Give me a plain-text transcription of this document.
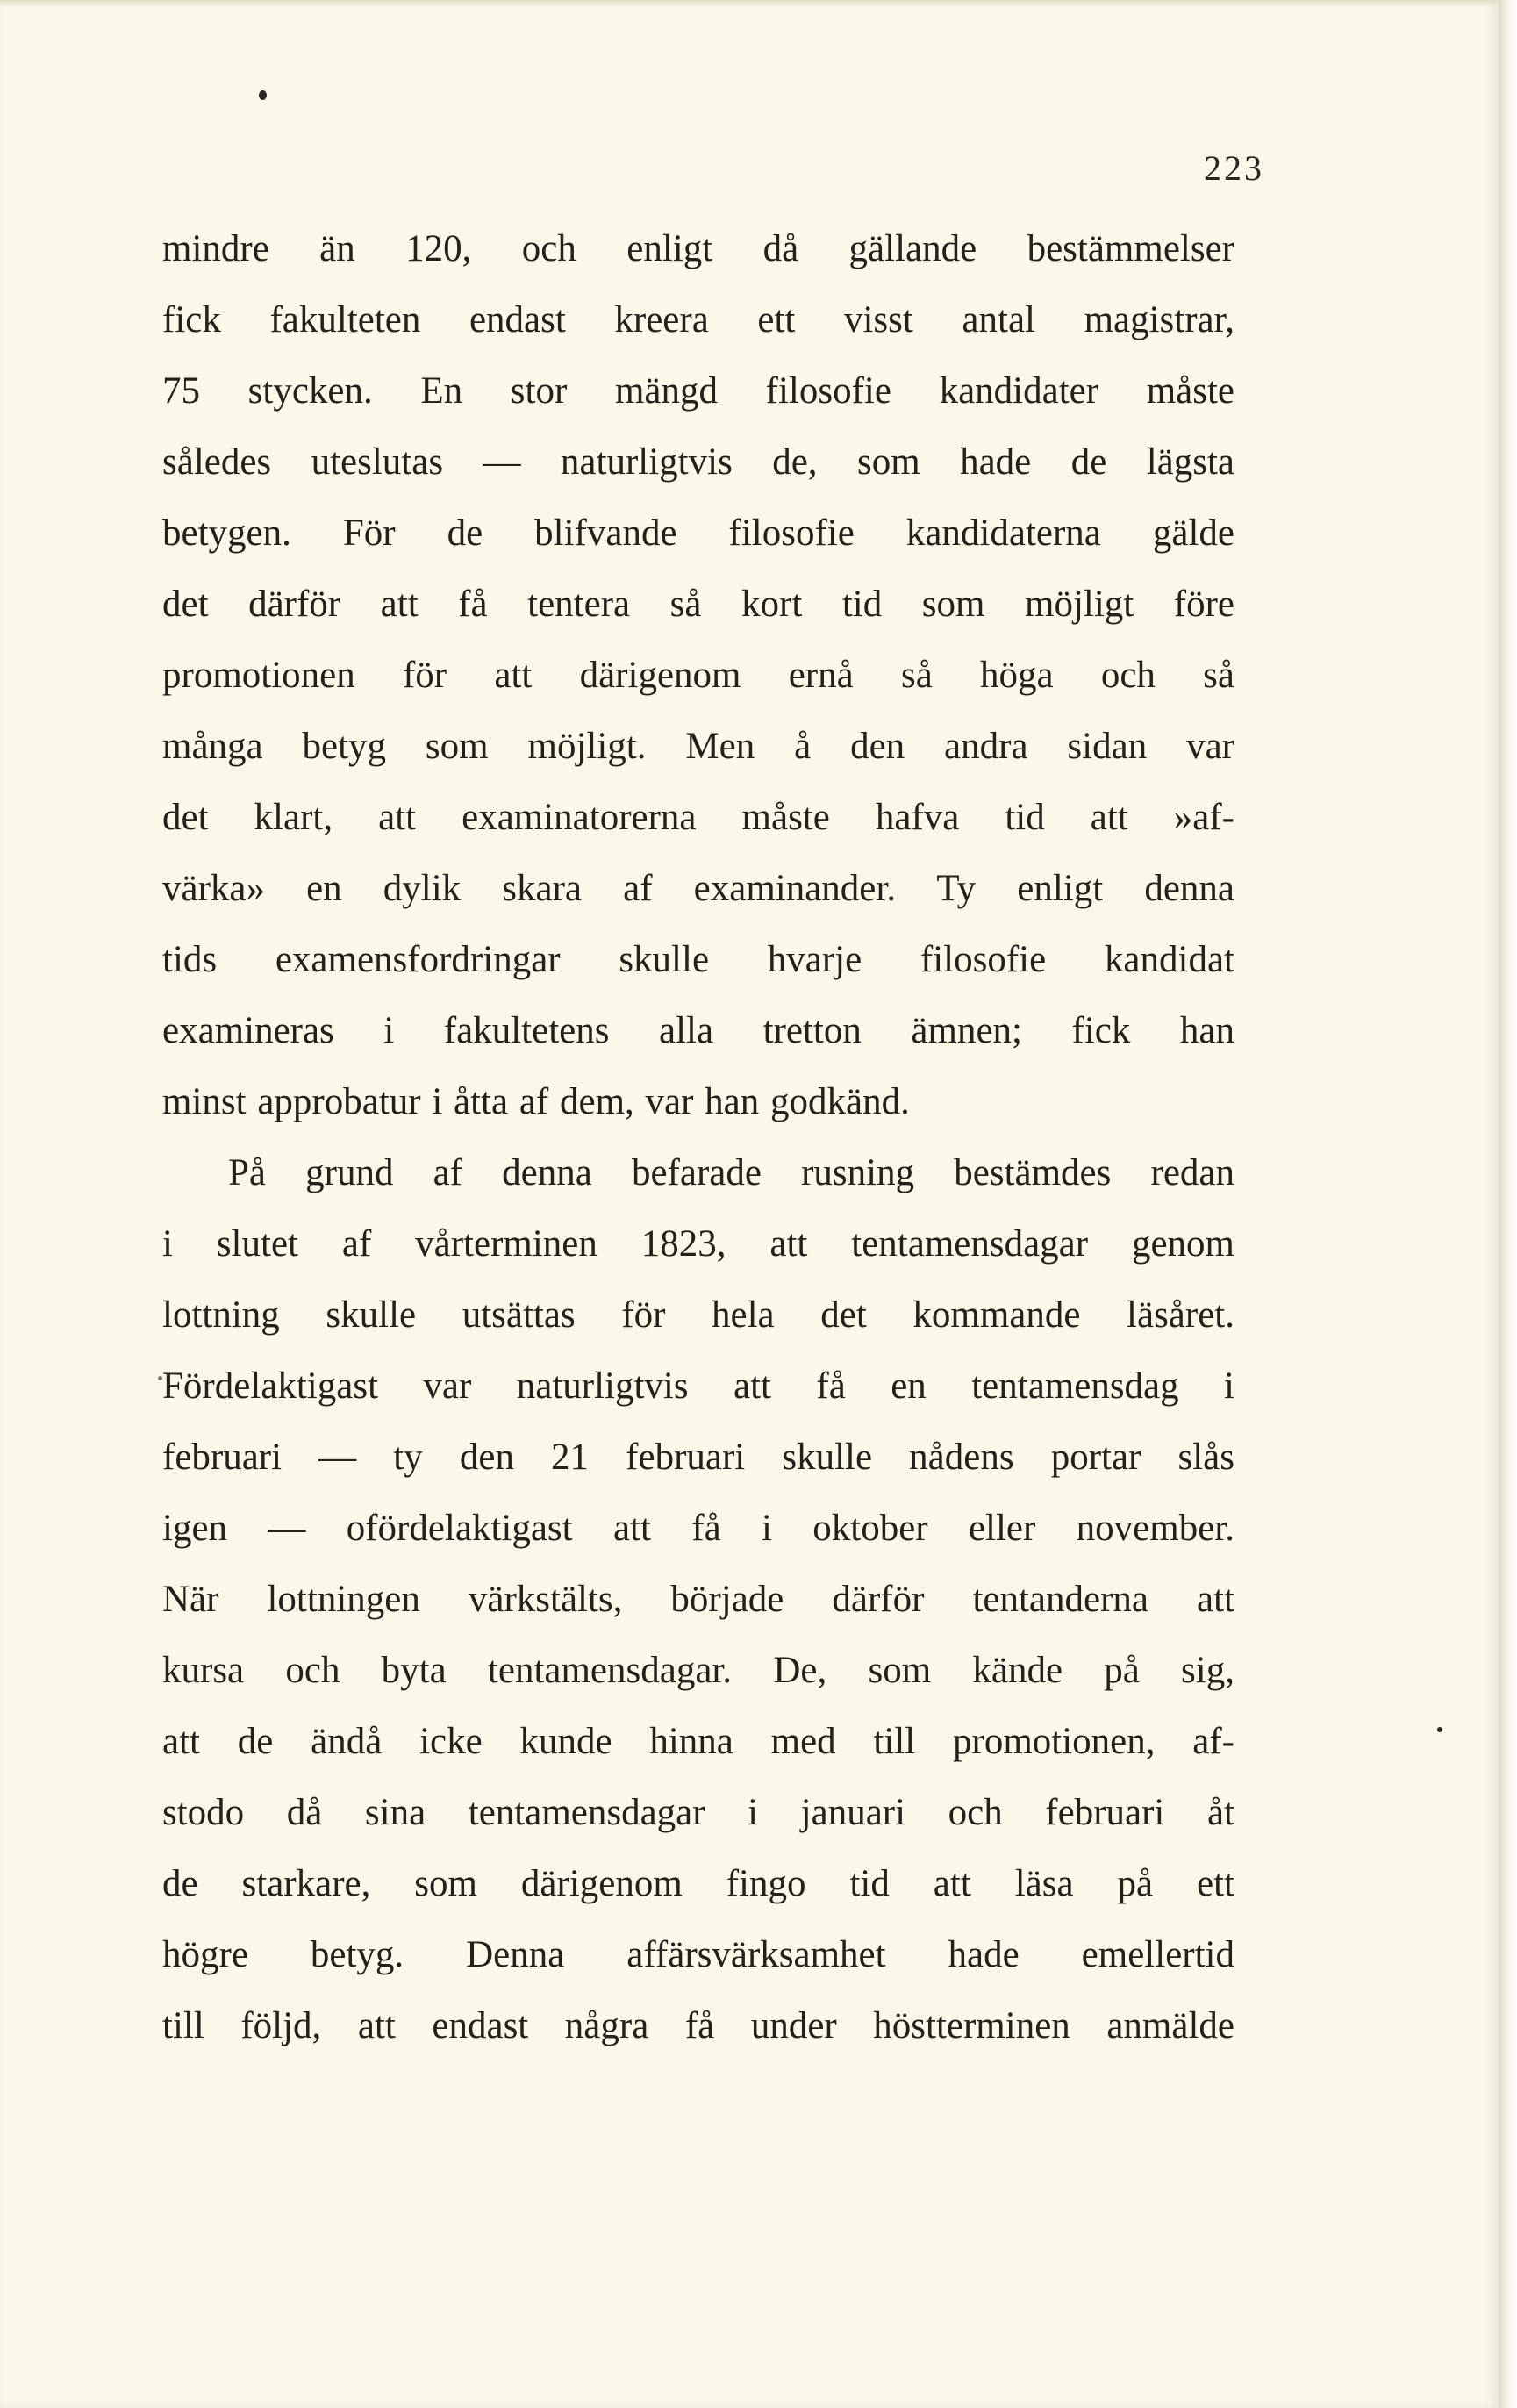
223
mindre än 120, och enligt då gällande bestämmelser
fick fakulteten endast kreera ett visst antal magistrar,
75 stycken. En stor mängd filosofie kandidater måste
således uteslutas — naturligtvis de, som hade de lägsta
betygen. För de blifvande filosofie kandidaterna gälde
det därför att få tentera så kort tid som möjligt före
promotionen för att därigenom ernå så höga och så
många betyg som möjligt. Men å den andra sidan var
det klart, att examinatorerna måste hafva tid att »af-
värka» en dylik skara af examinander. Ty enligt denna
tids examensfordringar skulle hvarje filosofie kandidat
examineras i fakultetens alla tretton ämnen; fick han
minst approbatur i åtta af dem, var han godkänd.
På grund af denna befarade rusning bestämdes redan
i slutet af vårterminen 1823, att tentamensdagar genom
lottning skulle utsättas för hela det kommande läsåret.
Fördelaktigast var naturligtvis att få en tentamensdag i
februari — ty den 21 februari skulle nådens portar slås
igen — ofördelaktigast att få i oktober eller november.
När lottningen värkstälts, började därför tentanderna att
kursa och byta tentamensdagar. De, som kände på sig,
att de ändå icke kunde hinna med till promotionen, af-
stodo då sina tentamensdagar i januari och februari åt
de starkare, som därigenom fingo tid att läsa på ett
högre betyg. Denna affärsvärksamhet hade emellertid
till följd, att endast några få under höstterminen anmälde
